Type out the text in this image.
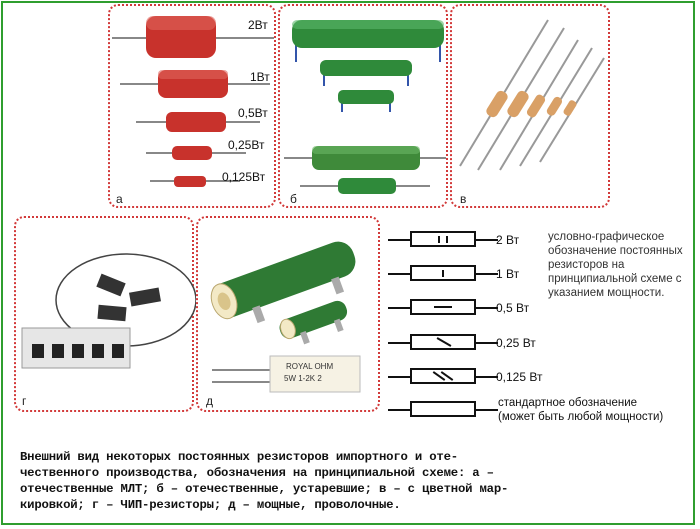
2Вт
1Вт
0,5Вт
0,25Вт
0,125Вт
а	б	в
г
ROYAL OHM
5W 1-2K 2
д
2 Вт
1 Вт
0,5 Вт
0,25 Вт
0,125 Вт
стандартное обозначение
(может быть любой мощности)
условно-графическое
обозначение постоянных
резисторов на
принципиальной схеме с
указанием мощности.
Внешний вид некоторых постоянных резисторов импортного и оте-
чественного производства, обозначения на принципиальной схеме: а –
отечественные МЛТ; б – отечественные, устаревшие; в – с цветной мар-
кировкой; г – ЧИП-резисторы; д – мощные, проволочные.
